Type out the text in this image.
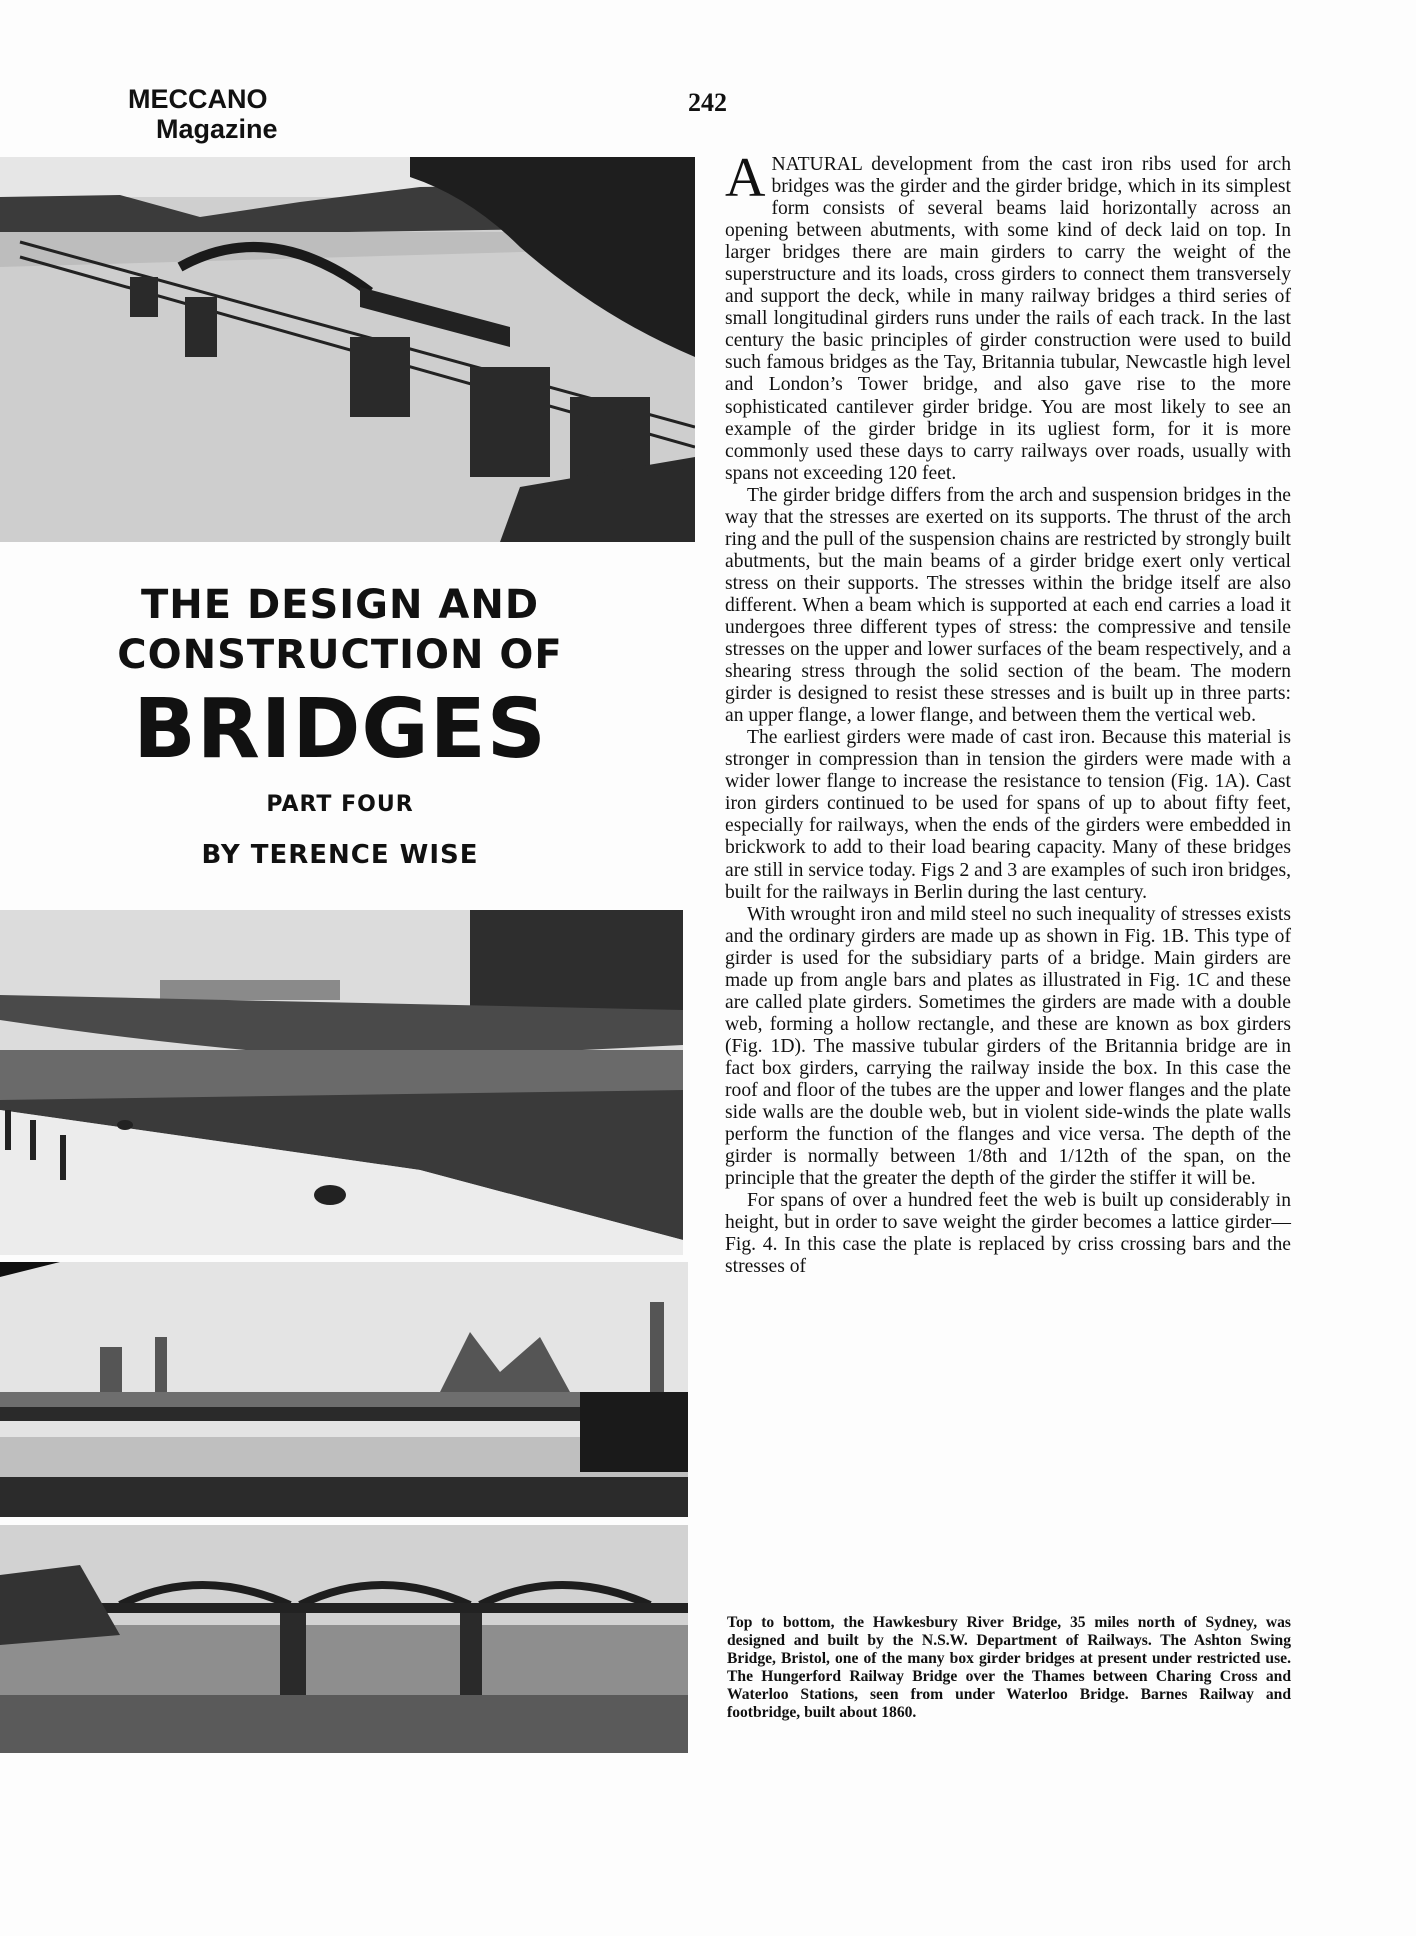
MECCANO
Magazine
242
THE DESIGN AND
CONSTRUCTION OF
BRIDGES
PART FOUR
BY TERENCE WISE

A NATURAL development from the cast iron ribs used for arch bridges was the girder and the girder bridge, which in its simplest form consists of several beams laid horizontally across an opening between abutments, with some kind of deck laid on top. In larger bridges there are main girders to carry the weight of the superstructure and its loads, cross girders to connect them transversely and support the deck, while in many railway bridges a third series of small longitudinal girders runs under the rails of each track. In the last century the basic principles of girder construction were used to build such famous bridges as the Tay, Britannia tubular, Newcastle high level and London’s Tower bridge, and also gave rise to the more sophisticated cantilever girder bridge. You are most likely to see an example of the girder bridge in its ugliest form, for it is more commonly used these days to carry railways over roads, usually with spans not exceeding 120 feet.

The girder bridge differs from the arch and suspension bridges in the way that the stresses are exerted on its supports. The thrust of the arch ring and the pull of the suspension chains are restricted by strongly built abutments, but the main beams of a girder bridge exert only vertical stress on their supports. The stresses within the bridge itself are also different. When a beam which is supported at each end carries a load it undergoes three different types of stress: the compressive and tensile stresses on the upper and lower surfaces of the beam respectively, and a shearing stress through the solid section of the beam. The modern girder is designed to resist these stresses and is built up in three parts: an upper flange, a lower flange, and between them the vertical web.

The earliest girders were made of cast iron. Because this material is stronger in compression than in tension the girders were made with a wider lower flange to increase the resistance to tension (Fig. 1A). Cast iron girders continued to be used for spans of up to about fifty feet, especially for railways, when the ends of the girders were embedded in brickwork to add to their load bearing capacity. Many of these bridges are still in service today. Figs 2 and 3 are examples of such iron bridges, built for the railways in Berlin during the last century.

With wrought iron and mild steel no such inequality of stresses exists and the ordinary girders are made up as shown in Fig. 1B. This type of girder is used for the subsidiary parts of a bridge. Main girders are made up from angle bars and plates as illustrated in Fig. 1C and these are called plate girders. Sometimes the girders are made with a double web, forming a hollow rectangle, and these are known as box girders (Fig. 1D). The massive tubular girders of the Britannia bridge are in fact box girders, carrying the railway inside the box. In this case the roof and floor of the tubes are the upper and lower flanges and the plate side walls are the double web, but in violent side-winds the plate walls perform the function of the flanges and vice versa. The depth of the girder is normally between 1/8th and 1/12th of the span, on the principle that the greater the depth of the girder the stiffer it will be.

For spans of over a hundred feet the web is built up considerably in height, but in order to save weight the girder becomes a lattice girder—Fig. 4. In this case the plate is replaced by criss crossing bars and the stresses of

Top to bottom, the Hawkesbury River Bridge, 35 miles north of Sydney, was designed and built by the N.S.W. Department of Railways. The Ashton Swing Bridge, Bristol, one of the many box girder bridges at present under restricted use. The Hungerford Railway Bridge over the Thames between Charing Cross and Waterloo Stations, seen from under Waterloo Bridge. Barnes Railway and footbridge, built about 1860.
